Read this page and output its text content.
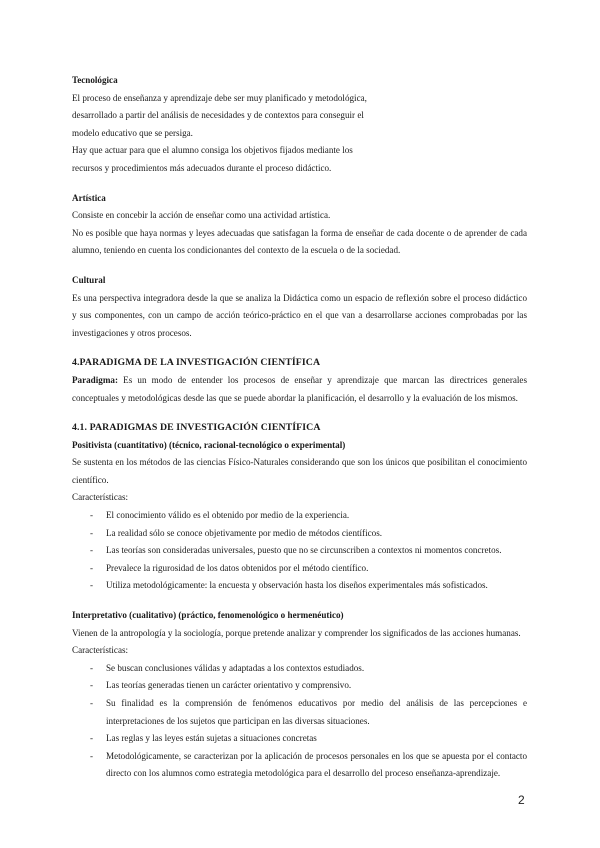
Tecnológica
El proceso de enseñanza y aprendizaje debe ser muy planificado y metodológica,
desarrollado a partir del análisis de necesidades y de contextos para conseguir el
modelo educativo que se persiga.
Hay que actuar para que el alumno consiga los objetivos fijados mediante los
recursos y procedimientos más adecuados durante el proceso didáctico.
Artística
Consiste en concebir la acción de enseñar como una actividad artística.
No es posible que haya normas y leyes adecuadas que satisfagan la forma de enseñar de cada docente o de aprender de cada alumno, teniendo en cuenta los condicionantes del contexto de la escuela o de la sociedad.
Cultural
Es una perspectiva integradora desde la que se analiza la Didáctica como un espacio de reflexión sobre el proceso didáctico y sus componentes, con un campo de acción teórico-práctico en el que van a desarrollarse acciones comprobadas por las investigaciones y otros procesos.
4.PARADIGMA DE LA INVESTIGACIÓN CIENTÍFICA
Paradigma: Es un modo de entender los procesos de enseñar y aprendizaje que marcan las directrices generales conceptuales y metodológicas desde las que se puede abordar la planificación, el desarrollo y la evaluación de los mismos.
4.1. PARADIGMAS DE INVESTIGACIÓN CIENTÍFICA
Positivista (cuantitativo) (técnico, racional-tecnológico o experimental)
Se sustenta en los métodos de las ciencias Físico-Naturales considerando que son los únicos que posibilitan el conocimiento científico.
Características:
- El conocimiento válido es el obtenido por medio de la experiencia.
- La realidad sólo se conoce objetivamente por medio de métodos científicos.
- Las teorías son consideradas universales, puesto que no se circunscriben a contextos ni momentos concretos.
- Prevalece la rigurosidad de los datos obtenidos por el método científico.
- Utiliza metodológicamente: la encuesta y observación hasta los diseños experimentales más sofisticados.
Interpretativo (cualitativo) (práctico, fenomenológico o hermenéutico)
Vienen de la antropología y la sociología, porque pretende analizar y comprender los significados de las acciones humanas.
Características:
- Se buscan conclusiones válidas y adaptadas a los contextos estudiados.
- Las teorías generadas tienen un carácter orientativo y comprensivo.
- Su finalidad es la comprensión de fenómenos educativos por medio del análisis de las percepciones e interpretaciones de los sujetos que participan en las diversas situaciones.
- Las reglas y las leyes están sujetas a situaciones concretas
- Metodológicamente, se caracterizan por la aplicación de procesos personales en los que se apuesta por el contacto directo con los alumnos como estrategia metodológica para el desarrollo del proceso enseñanza-aprendizaje.
2
